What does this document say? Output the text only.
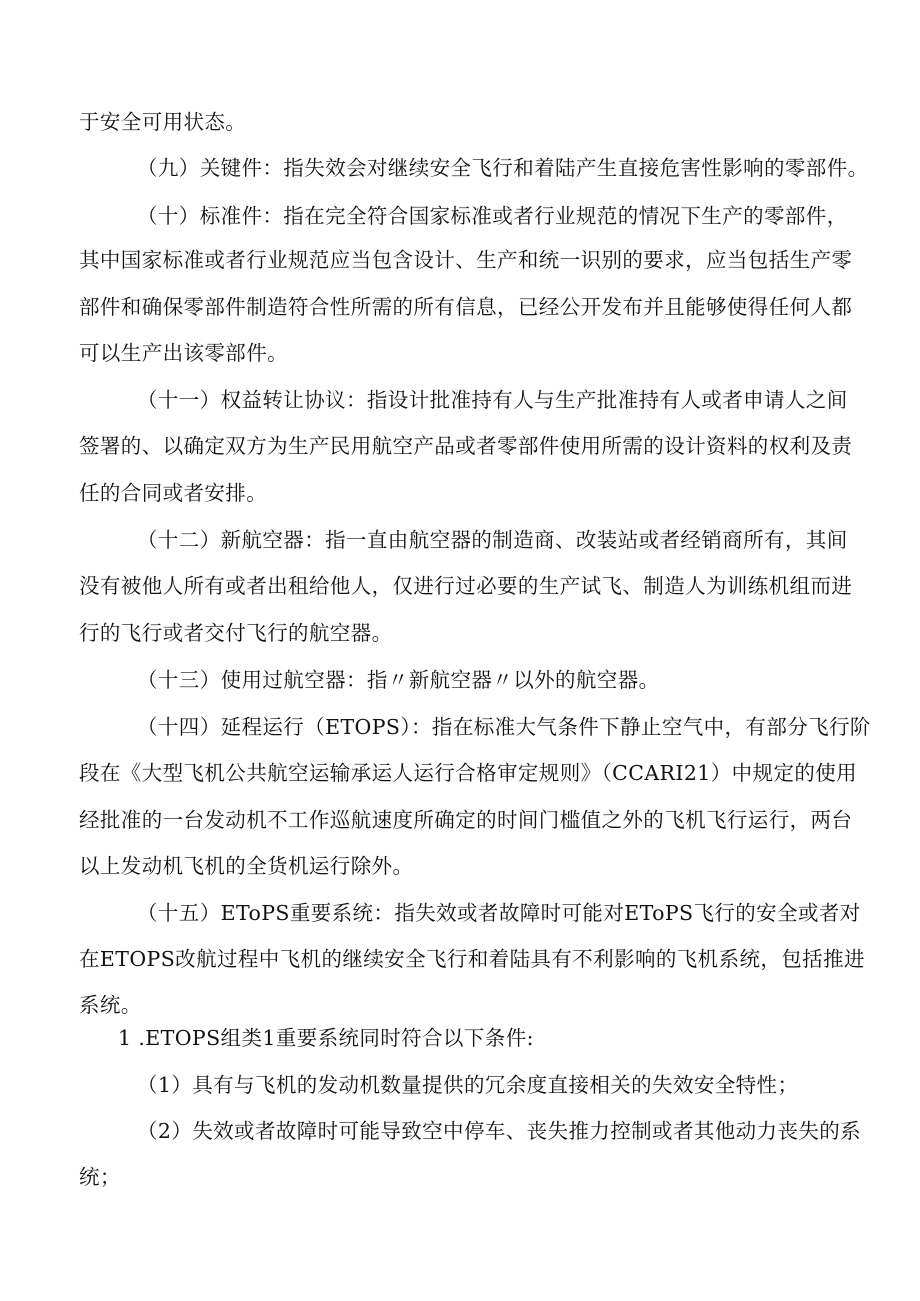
于安全可用状态。
（九）关键件：指失效会对继续安全飞行和着陆产生直接危害性影响的零部件。
（十）标准件：指在完全符合国家标准或者行业规范的情况下生产的零部件，
其中国家标准或者行业规范应当包含设计、生产和统一识别的要求，应当包括生产零
部件和确保零部件制造符合性所需的所有信息，已经公开发布并且能够使得任何人都
可以生产出该零部件。
（十一）权益转让协议：指设计批准持有人与生产批准持有人或者申请人之间
签署的、以确定双方为生产民用航空产品或者零部件使用所需的设计资料的权利及责
任的合同或者安排。
（十二）新航空器：指一直由航空器的制造商、改装站或者经销商所有，其间
没有被他人所有或者出租给他人，仅进行过必要的生产试飞、制造人为训练机组而进
行的飞行或者交付飞行的航空器。
（十三）使用过航空器：指〃新航空器〃以外的航空器。
（十四）延程运行（ETOPS）：指在标准大气条件下静止空气中，有部分飞行阶
段在《大型飞机公共航空运输承运人运行合格审定规则》（CCARI21）中规定的使用
经批准的一台发动机不工作巡航速度所确定的时间门槛值之外的飞机飞行运行，两台
以上发动机飞机的全货机运行除外。
（十五）EToPS重要系统：指失效或者故障时可能对EToPS飞行的安全或者对
在ETOPS改航过程中飞机的继续安全飞行和着陆具有不利影响的飞机系统，包括推进
系统。
1 .ETOPS组类1重要系统同时符合以下条件:
（1）具有与飞机的发动机数量提供的冗余度直接相关的失效安全特性；
（2）失效或者故障时可能导致空中停车、丧失推力控制或者其他动力丧失的系
统；
